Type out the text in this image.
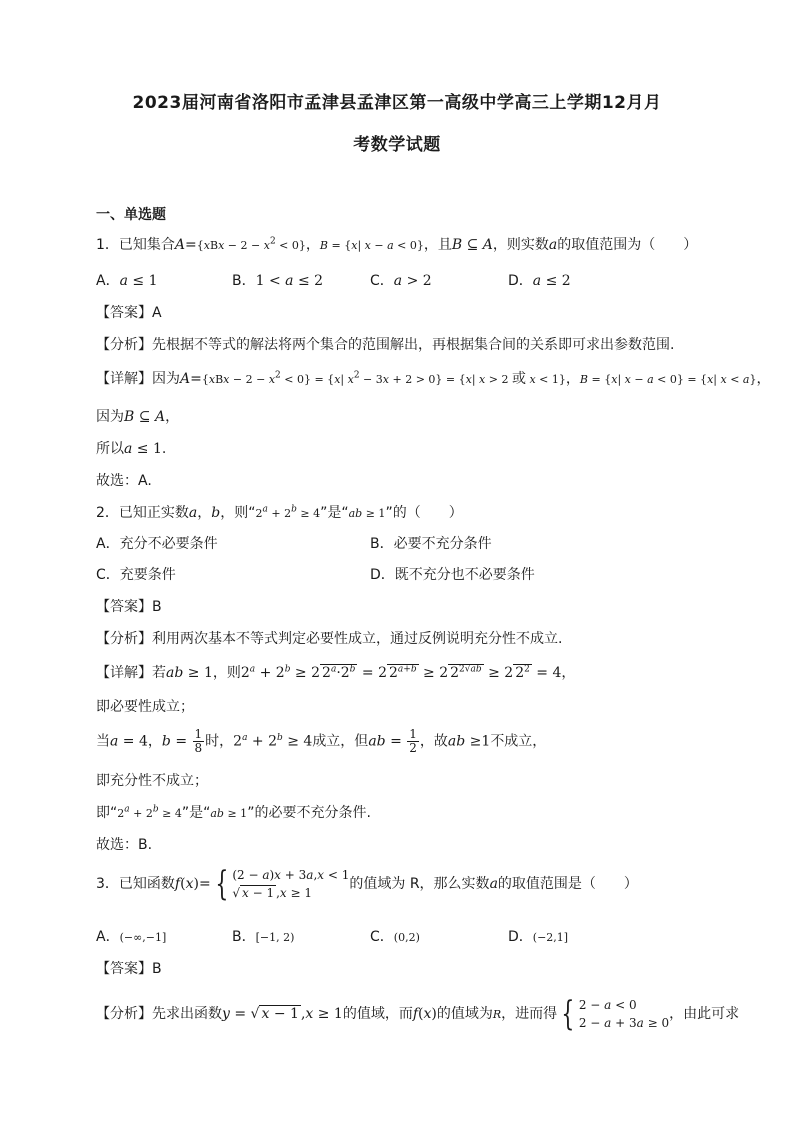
2023届河南省洛阳市孟津县孟津区第一高级中学高三上学期12月月
考数学试题
一、单选题
1．已知集合$A=\{xBx - 2 - x^2 < 0\}$，B = {x| x − a < 0}，且B ⊆ A，则实数a的取值范围为（　　）
A．a ≤ 1	B．1 < a ≤ 2	C．a > 2	D．a ≤ 2
【答案】A
【分析】先根据不等式的解法将两个集合的范围解出，再根据集合间的关系即可求出参数范围.
【详解】因为$A=\{xBx - 2 - x^2 < 0\} = \{x|$ $x^2 - 3x + 2 > 0\} = \{x|$ x > 2 或 x < 1}，B = {x| x − a < 0} = {x| x < a}，
因为B ⊆ A，
所以a ≤ 1.
故选：A.
2．已知正实数a，b，则“$2^a + 2^b \ge 4$”是“ab ≥ 1”的（　　）
A．充分不必要条件	B．必要不充分条件
C．充要条件	D．既不充分也不必要条件
【答案】B
【分析】利用两次基本不等式判定必要性成立，通过反例说明充分性不成立.
【详解】若ab ≥ 1，则$2^a + 2^b \ge 2$ $2^a\cdot 2^b = 2$ $2^{a+b} \ge 2$ $2^{2√ab} \ge 2$ $2^2 = 4$，
即必要性成立；
当a = 4，$b = \frac{1}{8}$ 时，$2^a + 2^b \ge 4$成立，但ab = $\frac{1}{2}$ ，故ab ≥1不成立，
即充分性不成立；
即“$2^a + 2^b \ge 4$”是“ab ≥ 1”的必要不充分条件.
故选：B.
3．已知函数f(x)= { (2 − a)x + 3a,x < 1
√ x − 1 ,x ≥ 1的值域为 R，那么实数a的取值范围是（　　）
A．(−∞,−1]	B．[−1, 2)	C．(0,2)	D．(−2,1]
【答案】B
【分析】先求出函数y = √ x − 1 ,x ≥ 1的值域，而f(x)的值域为R，进而得 { 2 − a < 0
2 − a + 3a ≥ 0，由此可求
